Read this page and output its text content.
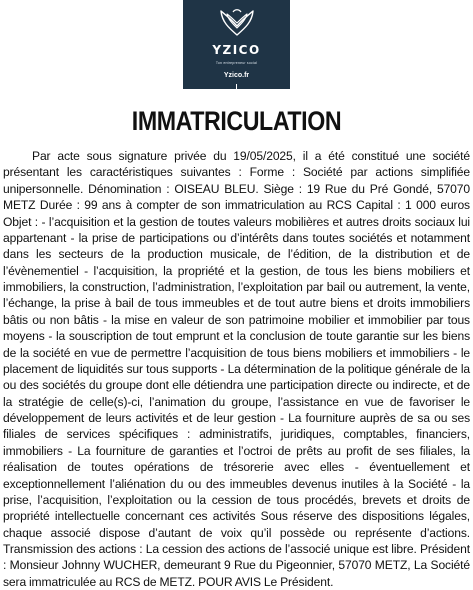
YZICO
Ton entrepreneur social
Yzico.fr
IMMATRICULATION

Par acte sous signature privée du 19/05/2025, il a été constitué une société présentant les caractéristiques suivantes : Forme : Société par actions simplifiée unipersonnelle. Dénomination : OISEAU BLEU. Siège : 19 Rue du Pré Gondé, 57070 METZ Durée : 99 ans à compter de son immatriculation au RCS Capital : 1 000 euros Objet : - l’acquisition et la gestion de toutes valeurs mobilières et autres droits sociaux lui appartenant - la prise de participations ou d’intérêts dans toutes sociétés et notamment dans les secteurs de la production musicale, de l’édition, de la distribution et de l’évènementiel - l’acquisition, la propriété et la gestion, de tous les biens mobiliers et immobiliers, la construction, l’administration, l’exploitation par bail ou autrement, la vente, l’échange, la prise à bail de tous immeubles et de tout autre biens et droits immobiliers bâtis ou non bâtis - la mise en valeur de son patrimoine mobilier et immobilier par tous moyens - la souscription de tout emprunt et la conclusion de toute garantie sur les biens de la société en vue de permettre l’acquisition de tous biens mobiliers et immobiliers - le placement de liquidités sur tous supports - La détermination de la politique générale de la ou des sociétés du groupe dont elle détiendra une participation directe ou indirecte, et de la stratégie de celle(s)-ci, l’animation du groupe, l’assistance en vue de favoriser le développement de leurs activités et de leur gestion - La fourniture auprès de sa ou ses filiales de services spécifiques : administratifs, juridiques, comptables, financiers, immobiliers - La fourniture de garanties et l’octroi de prêts au profit de ses filiales, la réalisation de toutes opérations de trésorerie avec elles - éventuellement et exceptionnellement l’aliénation du ou des immeubles devenus inutiles à la Société - la prise, l’acquisition, l’exploitation ou la cession de tous procédés, brevets et droits de propriété intellectuelle concernant ces activités Sous réserve des dispositions légales, chaque associé dispose d’autant de voix qu’il possède ou représente d’actions. Transmission des actions : La cession des actions de l’associé unique est libre. Président : Monsieur Johnny WUCHER, demeurant 9 Rue du Pigeonnier, 57070 METZ, La Société sera immatriculée au RCS de METZ. POUR AVIS Le Président.
